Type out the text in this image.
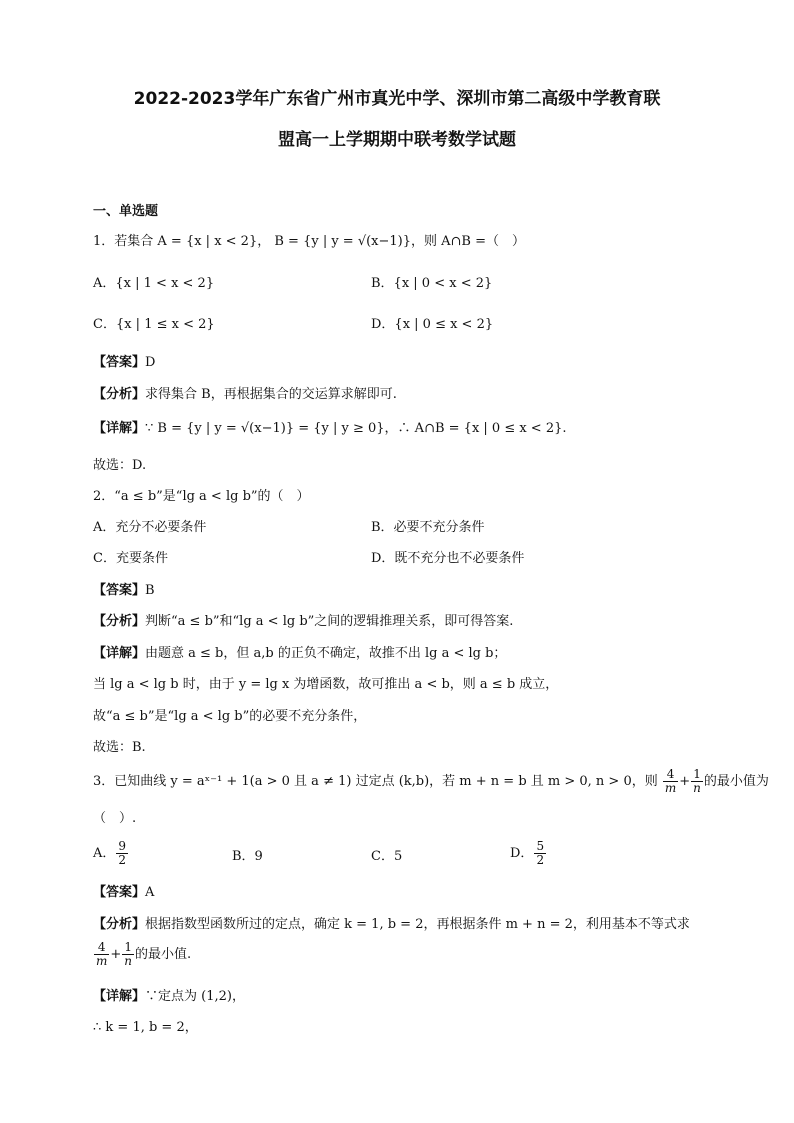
2022-2023学年广东省广州市真光中学、深圳市第二高级中学教育联
盟高一上学期期中联考数学试题
一、单选题
1．若集合 A = {x | x < 2}， B = {y | y = √(x−1)}，则 A∩B =（　）
A．{x | 1 < x < 2}	B．{x | 0 < x < 2}
C．{x | 1 ≤ x < 2}	D．{x | 0 ≤ x < 2}
【答案】D
【分析】求得集合 B，再根据集合的交运算求解即可.
【详解】∵ B = {y | y = √(x−1)} = {y | y ≥ 0}，∴ A∩B = {x | 0 ≤ x < 2}.
故选：D.
2．“a ≤ b”是“lg a < lg b”的（　）
A．充分不必要条件	B．必要不充分条件
C．充要条件	D．既不充分也不必要条件
【答案】B
【分析】判断“a ≤ b”和“lg a < lg b”之间的逻辑推理关系，即可得答案.
【详解】由题意 a ≤ b，但 a,b 的正负不确定，故推不出 lg a < lg b；
当 lg a < lg b 时，由于 y = lg x 为增函数，故可推出 a < b，则 a ≤ b 成立，
故“a ≤ b”是“lg a < lg b”的必要不充分条件，
故选：B.
3．已知曲线 y = aˣ⁻¹ + 1(a > 0 且 a ≠ 1) 过定点 (k,b)，若 m + n = b 且 m > 0, n > 0，则 $\frac{4}{m} + \frac{1}{n}$ 的最小值为
（　）.
A． $\frac{9}{2}$	B．9	C．5	D． $\frac{5}{2}$
【答案】A
【分析】根据指数型函数所过的定点，确定 k = 1, b = 2，再根据条件 m + n = 2，利用基本不等式求
$\frac{4}{m} + \frac{1}{n}$ 的最小值.
【详解】∵定点为 (1,2)，
∴ k = 1, b = 2，
